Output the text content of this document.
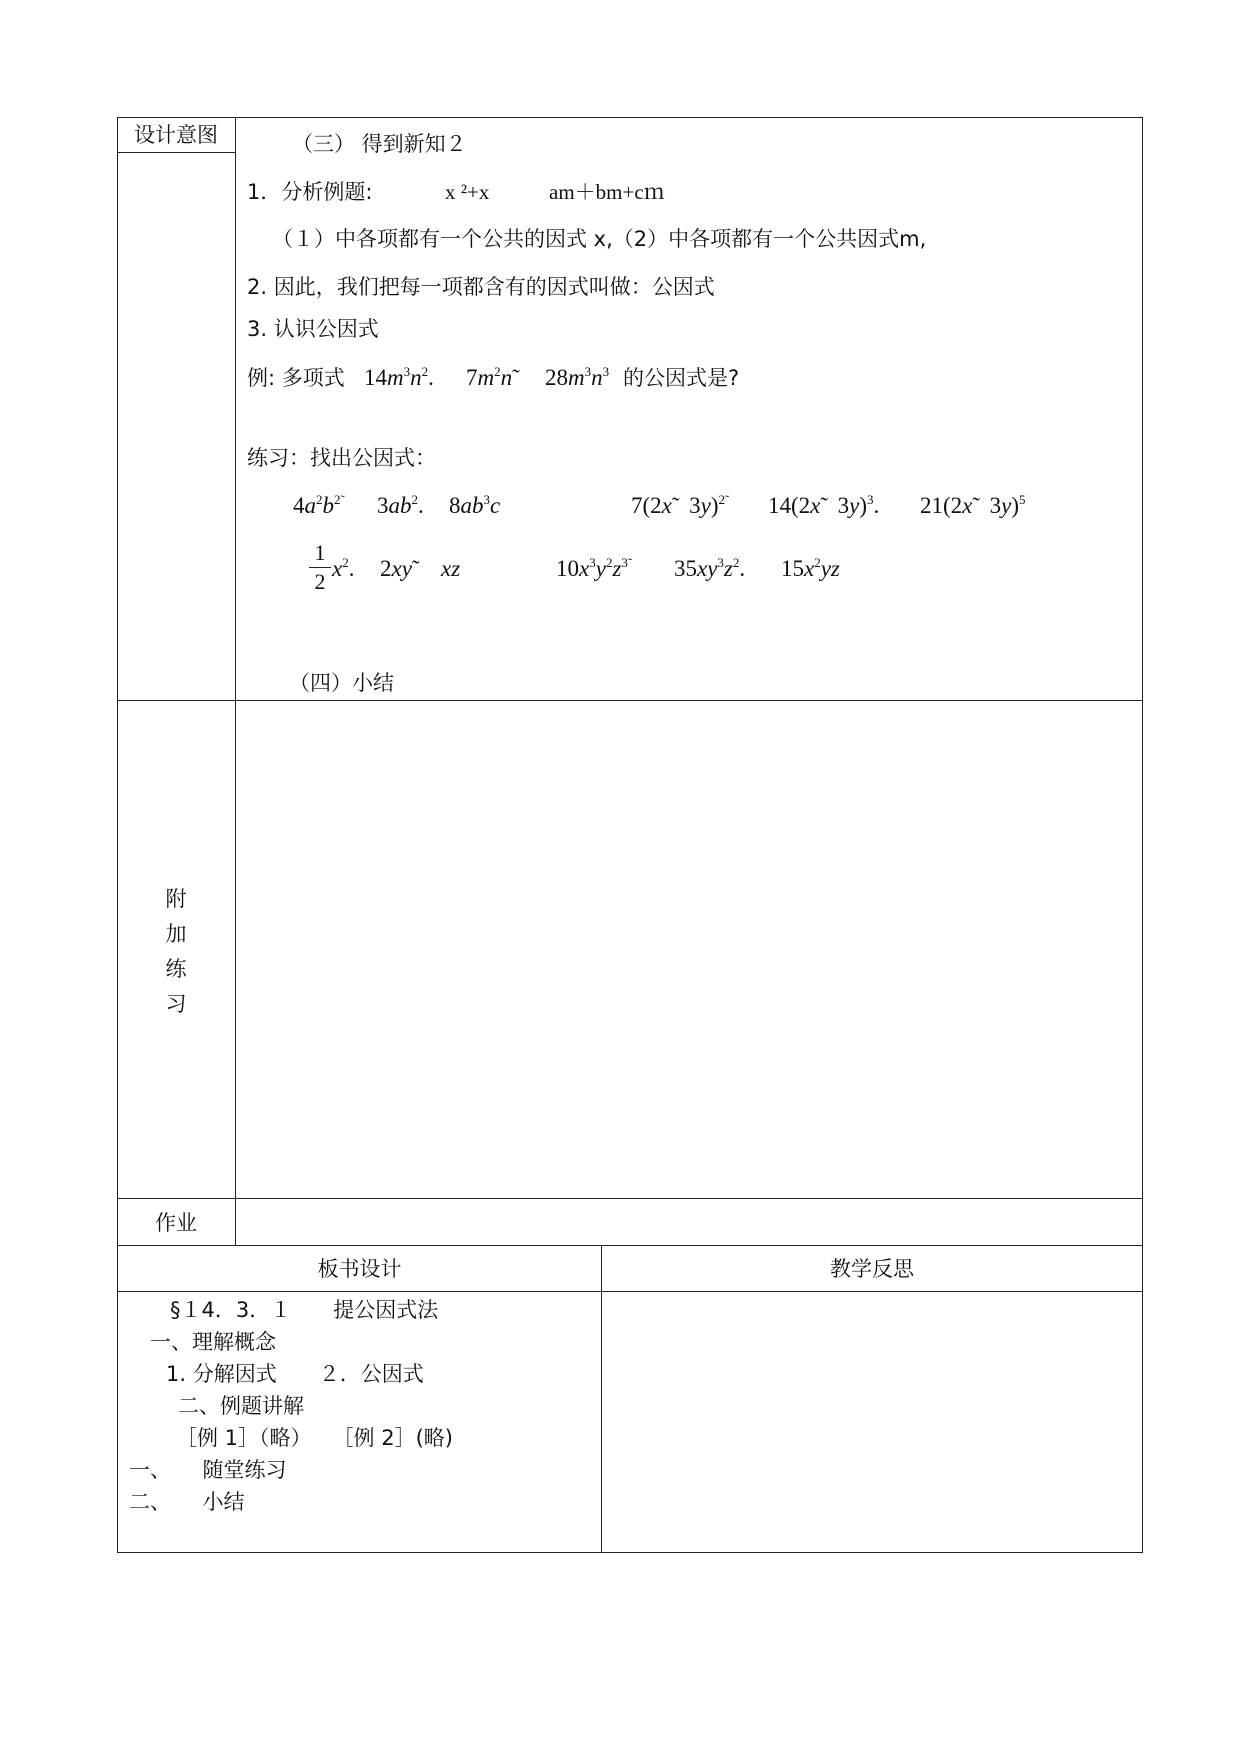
设计意图	（三） 得到新知２
1．分析例题:	x ²+x	am＋bm+cｍ
（１）中各项都有一个公共的因式 x,（2）中各项都有一个公共因式m,
2. 因此，我们把每一项都含有的因式叫做：公因式
3. 认识公因式
例: 多项式 $14m^3n^2$. $7m^2n$ $28m^3n^3$ 的公因式是?
练习：找出公因式：
$4a^2b^{2̃}$ $3ab^2$. $8ab^3c$	7(2x̃   3y)$^{2̃}$ 14(2x̃   3y)$^3$. 21(2x̃   3y)$^5$
1
2
$x^2$. 2xy xz	$10x^3y^2z^{3̃}$ $35xy^3z^2$. $15x^2yz$
（四）小结
附
加
练
习
作业
板书设计	教学反思
§１4．3．１　　提公因式法
一、理解概念
1. 分解因式　　２．公因式
二、例题讲解
［例 1］（略）　　［例 2］(略)
一、　　随堂练习
二、　　小结
